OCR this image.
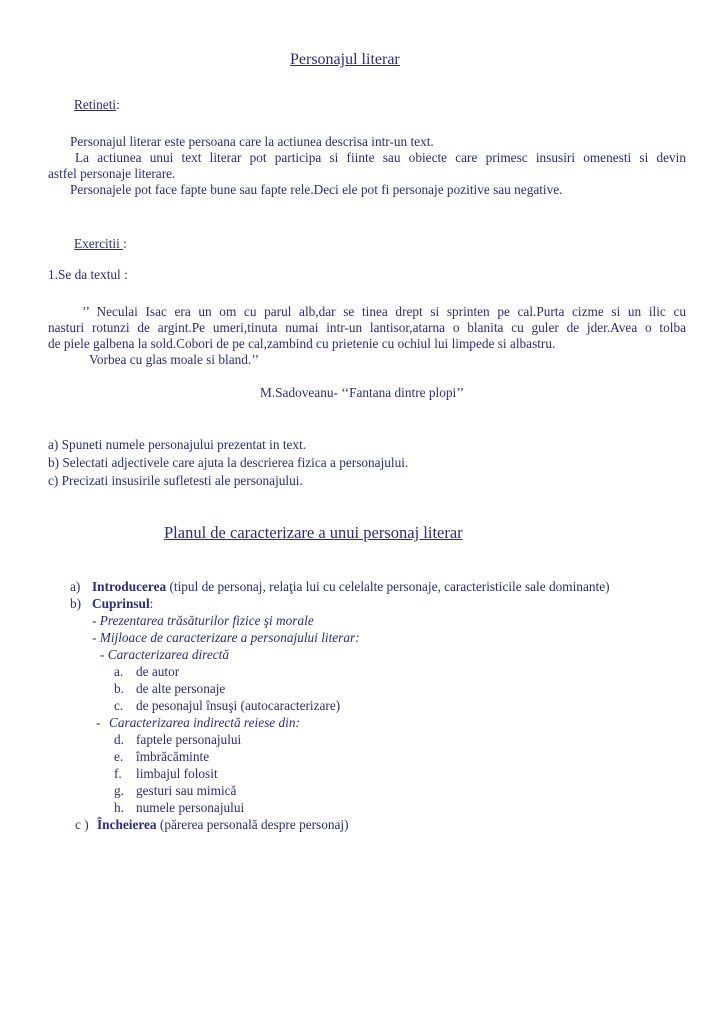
Personajul literar
Retineti:
Personajul literar este persoana care la actiunea descrisa intr-un text.
La actiunea unui text literar pot participa si fiinte sau obiecte care primesc insusiri omenesti si devin
astfel personaje literare.
Personajele pot face fapte bune sau fapte rele.Deci ele pot fi personaje pozitive sau negative.
Exercitii :
1.Se da textul :
’’ Neculai Isac era un om cu parul alb,dar se tinea drept si sprinten pe cal.Purta cizme si un ilic cu
nasturi rotunzi de argint.Pe umeri,tinuta numai intr-un lantisor,atarna o blanita cu guler de jder.Avea o tolba
de piele galbena la sold.Cobori de pe cal,zambind cu prietenie cu ochiul lui limpede si albastru.
Vorbea cu glas moale si bland.’’
M.Sadoveanu- ‘‘Fantana dintre plopi’’
a) Spuneti numele personajului prezentat in text.
b) Selectati adjectivele care ajuta la descrierea fizica a personajului.
c) Precizati insusirile sufletesti ale personajului.
Planul de caracterizare a unui personaj literar
a) Introducerea (tipul de personaj, relaţia lui cu celelalte personaje, caracteristicile sale dominante)
b) Cuprinsul:
- Prezentarea trăsăturilor fizice şi morale
- Mijloace de caracterizare a personajului literar:
- Caracterizarea directă
a. de autor
b. de alte personaje
c. de pesonajul însuşi (autocaracterizare)
- Caracterizarea indirectă reiese din:
d. faptele personajului
e. îmbrăcăminte
f. limbajul folosit
g. gesturi sau mimică
h. numele personajului
c ) Încheierea (părerea personală despre personaj)
